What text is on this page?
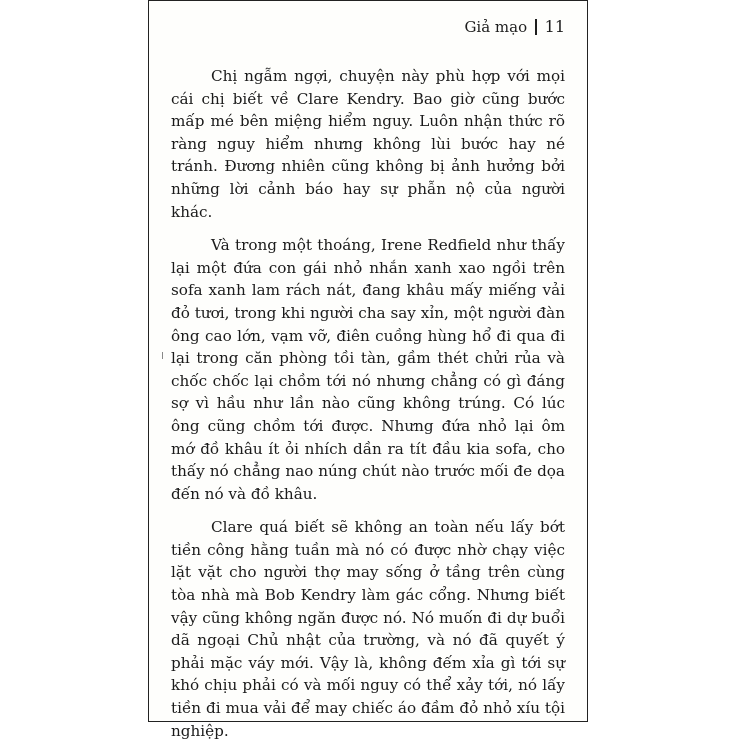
Giả mạo 11

Chị ngẫm ngợi, chuyện này phù hợp với mọi cái chị biết về Clare Kendry. Bao giờ cũng bước mấp mé bên miệng hiểm nguy. Luôn nhận thức rõ ràng nguy hiểm nhưng không lùi bước hay né tránh. Đương nhiên cũng không bị ảnh hưởng bởi những lời cảnh báo hay sự phẫn nộ của người khác.

Và trong một thoáng, Irene Redfield như thấy lại một đứa con gái nhỏ nhắn xanh xao ngồi trên sofa xanh lam rách nát, đang khâu mấy miếng vải đỏ tươi, trong khi người cha say xỉn, một người đàn ông cao lớn, vạm vỡ, điên cuồng hùng hổ đi qua đi lại trong căn phòng tồi tàn, gầm thét chửi rủa và chốc chốc lại chồm tới nó nhưng chẳng có gì đáng sợ vì hầu như lần nào cũng không trúng. Có lúc ông cũng chồm tới được. Nhưng đứa nhỏ lại ôm mớ đồ khâu ít ỏi nhích dần ra tít đầu kia sofa, cho thấy nó chẳng nao núng chút nào trước mối đe dọa đến nó và đồ khâu.

Clare quá biết sẽ không an toàn nếu lấy bớt tiền công hằng tuần mà nó có được nhờ chạy việc lặt vặt cho người thợ may sống ở tầng trên cùng tòa nhà mà Bob Kendry làm gác cổng. Nhưng biết vậy cũng không ngăn được nó. Nó muốn đi dự buổi dã ngoại Chủ nhật của trường, và nó đã quyết ý phải mặc váy mới. Vậy là, không đếm xỉa gì tới sự khó chịu phải có và mối nguy có thể xảy tới, nó lấy tiền đi mua vải để may chiếc áo đầm đỏ nhỏ xíu tội nghiệp.
